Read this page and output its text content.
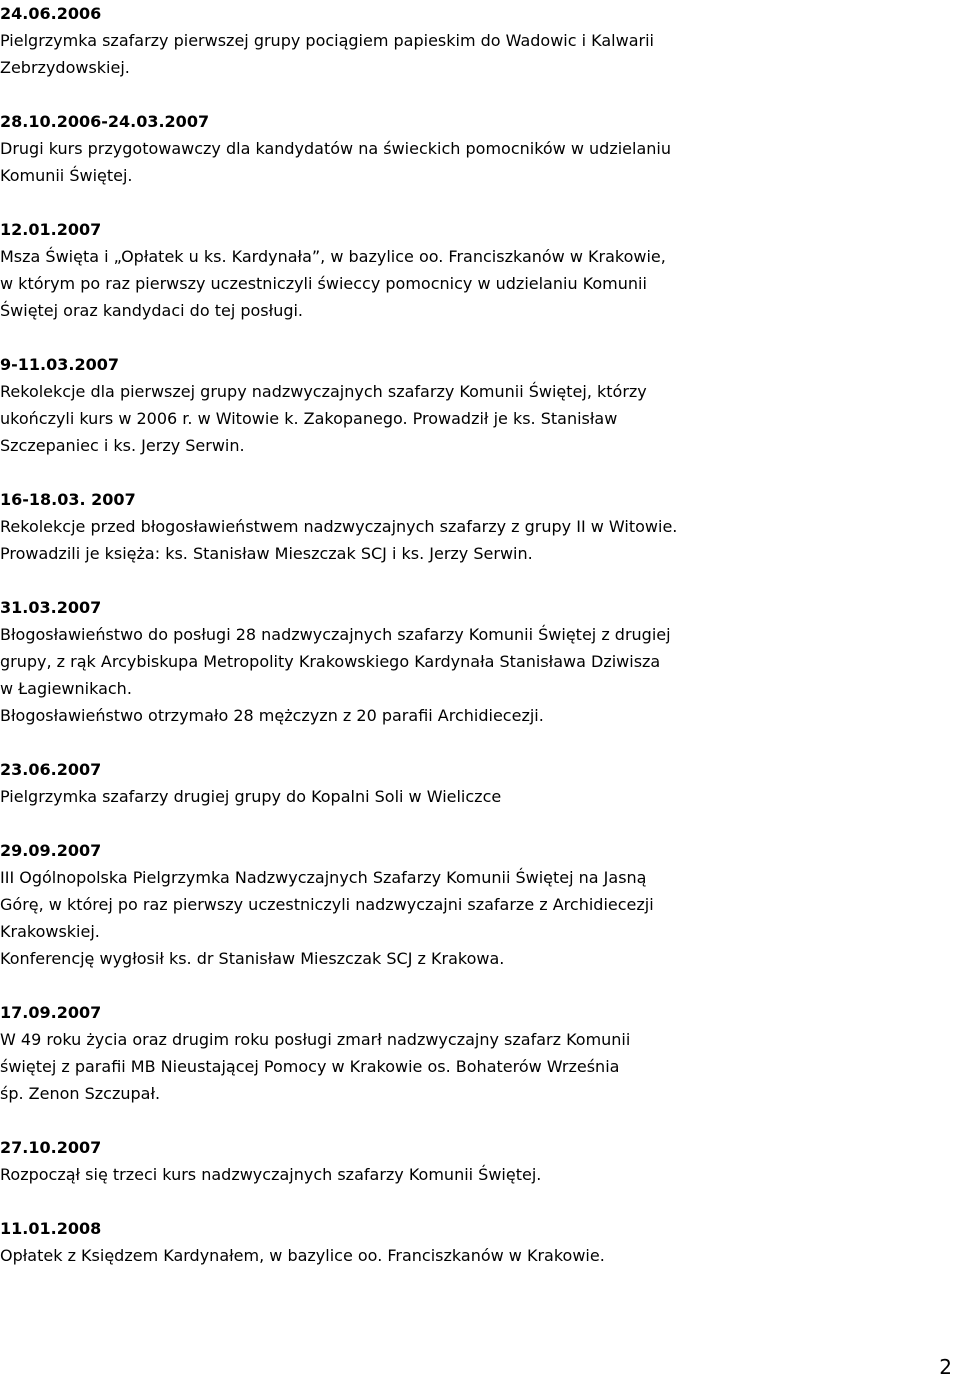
24.06.2006
Pielgrzymka szafarzy pierwszej grupy pociągiem papieskim do Wadowic i Kalwarii
Zebrzydowskiej.
28.10.2006-24.03.2007
Drugi kurs przygotowawczy dla kandydatów na świeckich pomocników w udzielaniu
Komunii Świętej.
12.01.2007
Msza Święta i „Opłatek u ks. Kardynała”, w bazylice oo. Franciszkanów w Krakowie,
w którym po raz pierwszy uczestniczyli świeccy pomocnicy w udzielaniu Komunii
Świętej oraz kandydaci do tej posługi.
9-11.03.2007
Rekolekcje dla pierwszej grupy nadzwyczajnych szafarzy Komunii Świętej, którzy
ukończyli kurs w 2006 r. w Witowie k. Zakopanego. Prowadził je ks. Stanisław
Szczepaniec i ks. Jerzy Serwin.
16-18.03. 2007
Rekolekcje przed błogosławieństwem nadzwyczajnych szafarzy z grupy II w Witowie.
Prowadzili je księża: ks. Stanisław Mieszczak SCJ i ks. Jerzy Serwin.
31.03.2007
Błogosławieństwo do posługi 28 nadzwyczajnych szafarzy Komunii Świętej z drugiej
grupy, z rąk Arcybiskupa Metropolity Krakowskiego Kardynała Stanisława Dziwisza
w Łagiewnikach.
Błogosławieństwo otrzymało 28 mężczyzn z 20 parafii Archidiecezji.
23.06.2007
Pielgrzymka szafarzy drugiej grupy do Kopalni Soli w Wieliczce
29.09.2007
III Ogólnopolska Pielgrzymka Nadzwyczajnych Szafarzy Komunii Świętej na Jasną
Górę, w której po raz pierwszy uczestniczyli nadzwyczajni szafarze z Archidiecezji
Krakowskiej.
Konferencję wygłosił ks. dr Stanisław Mieszczak SCJ z Krakowa.
17.09.2007
W 49 roku życia oraz drugim roku posługi zmarł nadzwyczajny szafarz Komunii
świętej z parafii MB Nieustającej Pomocy w Krakowie os. Bohaterów Września
śp. Zenon Szczupał.
27.10.2007
Rozpoczął się trzeci kurs nadzwyczajnych szafarzy Komunii Świętej.
11.01.2008
Opłatek z Księdzem Kardynałem, w bazylice oo. Franciszkanów w Krakowie.
2
